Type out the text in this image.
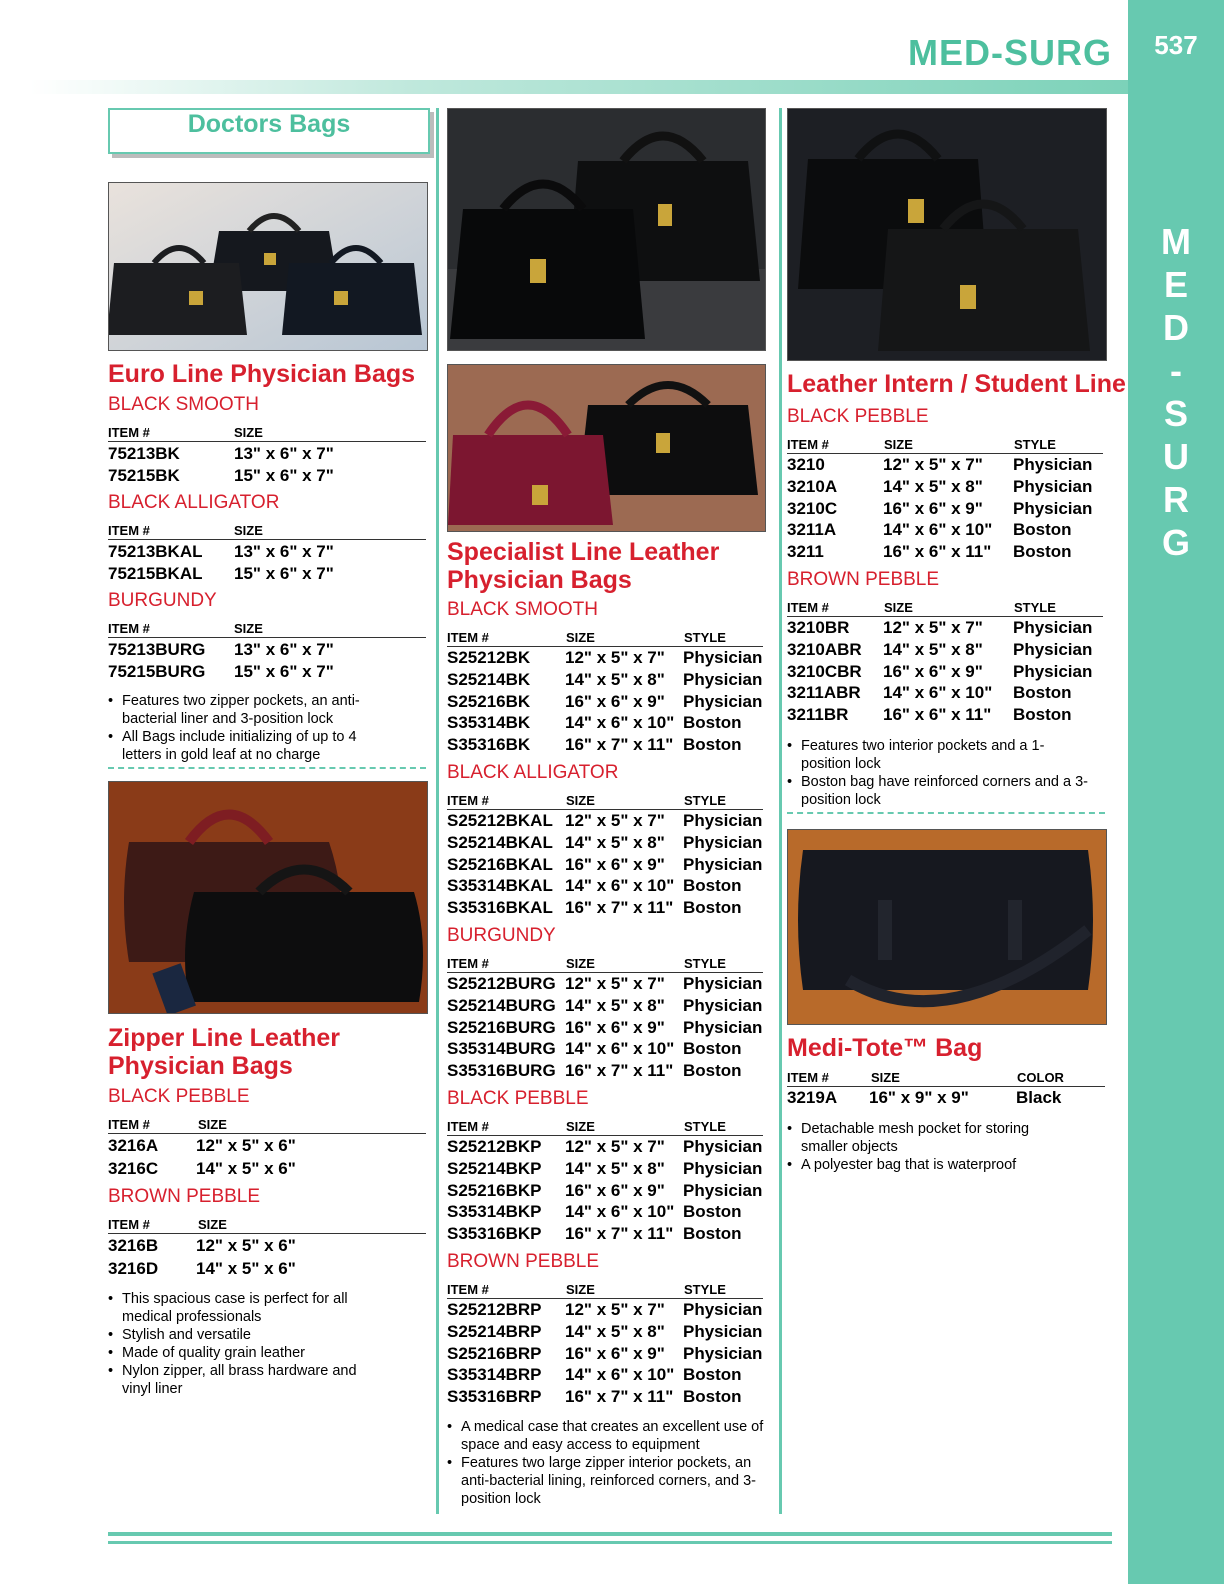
MED-SURG	537
M
E
D
-
S
U
R
G
Doctors Bags
Euro Line Physician Bags
BLACK SMOOTH
ITEM #	SIZE
75213BK	13" x 6" x 7"
75215BK	15" x 6" x 7"
BLACK ALLIGATOR
ITEM #	SIZE
75213BKAL 13" x 6" x 7"
75215BKAL 15" x 6" x 7"
BURGUNDY
ITEM #	SIZE
75213BURG 13" x 6" x 7"
75215BURG 15" x 6" x 7"
• Features two zipper pockets, an anti-bacterial liner and 3-position lock
• All Bags include initializing of up to 4 letters in gold leaf at no charge
Zipper Line Leather
Physician Bags
BLACK PEBBLE
ITEM #	SIZE
3216A 12" x 5" x 6"
3216C 14" x 5" x 6"
BROWN PEBBLE
ITEM #	SIZE
3216B 12" x 5" x 6"
3216D 14" x 5" x 6"
• This spacious case is perfect for all medical professionals
• Stylish and versatile
• Made of quality grain leather
• Nylon zipper, all brass hardware and vinyl liner
Specialist Line Leather
Physician Bags
BLACK SMOOTH
ITEM #	SIZE	STYLE
S25212BK 12" x 5" x 7" Physician
S25214BK 14" x 5" x 8" Physician
S25216BK 16" x 6" x 9" Physician
S35314BK 14" x 6" x 10" Boston
S35316BK 16" x 7" x 11" Boston
BLACK ALLIGATOR
ITEM #	SIZE	STYLE
S25212BKAL 12" x 5" x 7" Physician
S25214BKAL 14" x 5" x 8" Physician
S25216BKAL 16" x 6" x 9" Physician
S35314BKAL 14" x 6" x 10" Boston
S35316BKAL 16" x 7" x 11" Boston
BURGUNDY
ITEM #	SIZE	STYLE
S25212BURG 12" x 5" x 7" Physician
S25214BURG 14" x 5" x 8" Physician
S25216BURG 16" x 6" x 9" Physician
S35314BURG 14" x 6" x 10" Boston
S35316BURG 16" x 7" x 11" Boston
BLACK PEBBLE
ITEM #	SIZE	STYLE
S25212BKP 12" x 5" x 7" Physician
S25214BKP 14" x 5" x 8" Physician
S25216BKP 16" x 6" x 9" Physician
S35314BKP 14" x 6" x 10" Boston
S35316BKP 16" x 7" x 11" Boston
BROWN PEBBLE
ITEM #	SIZE	STYLE
S25212BRP 12" x 5" x 7" Physician
S25214BRP 14" x 5" x 8" Physician
S25216BRP 16" x 6" x 9" Physician
S35314BRP 14" x 6" x 10" Boston
S35316BRP 16" x 7" x 11" Boston
• A medical case that creates an excellent use of space and easy access to equipment
• Features two large zipper interior pockets, an anti-bacterial lining, reinforced corners, and 3-position lock
Leather Intern / Student Line
BLACK PEBBLE
ITEM #	SIZE	STYLE
3210	12" x 5" x 7" Physician
3210A	14" x 5" x 8" Physician
3210C	16" x 6" x 9" Physician
3211A	14" x 6" x 10" Boston
3211	16" x 6" x 11" Boston
BROWN PEBBLE
ITEM #	SIZE	STYLE
3210BR 12" x 5" x 7" Physician
3210ABR 14" x 5" x 8" Physician
3210CBR 16" x 6" x 9" Physician
3211ABR 14" x 6" x 10" Boston
3211BR 16" x 6" x 11" Boston
• Features two interior pockets and a 1-position lock
• Boston bag have reinforced corners and a 3-position lock
Medi-Tote™ Bag
ITEM #	SIZE	COLOR
3219A 16" x 9" x 9"	Black
• Detachable mesh pocket for storing smaller objects
• A polyester bag that is waterproof
